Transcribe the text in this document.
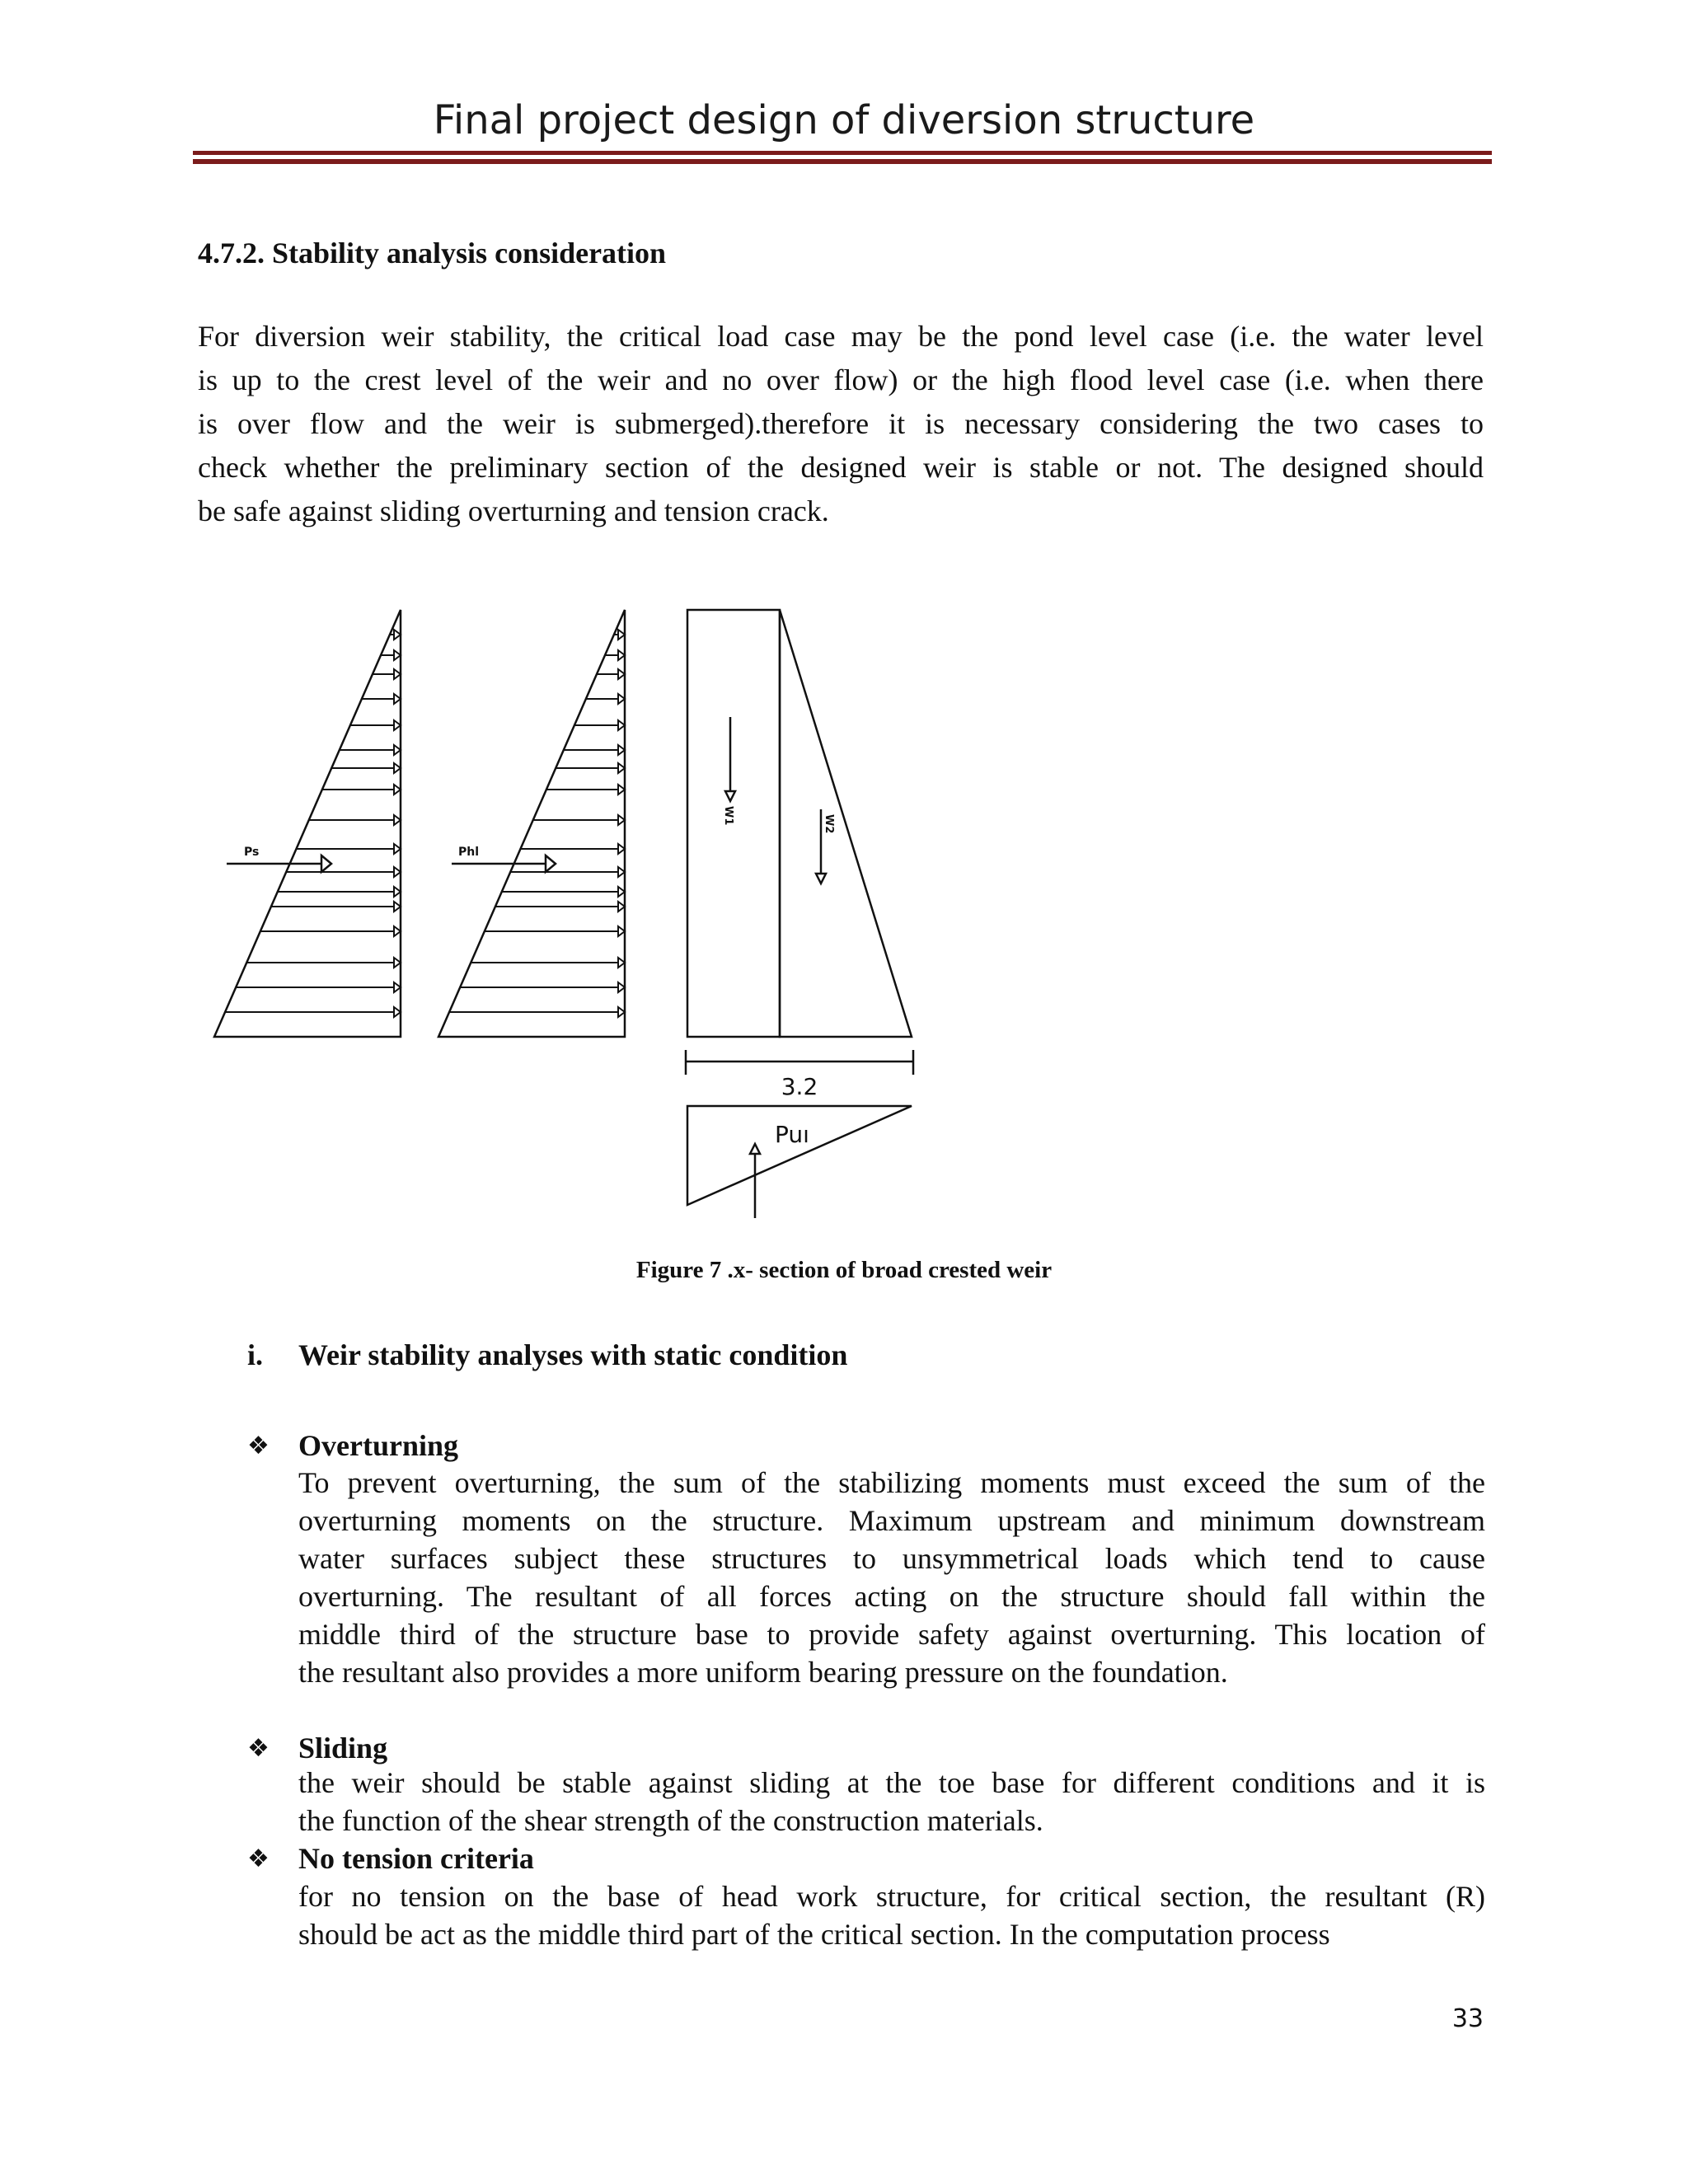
Final project design of diversion structure
4.7.2. Stability analysis consideration

For diversion weir stability, the critical load case may be the pond level case (i.e. the water level
is up to the crest level of the weir and no over flow) or the high flood level case (i.e. when there
is over flow and the weir is submerged).therefore it is necessary considering the two cases to
check whether the preliminary section of the designed weir is stable or not. The designed should
be safe against sliding overturning and tension crack.

Ps	Phl
W1	W2
3.2
Puı
Figure 7 .x- section of broad crested weir
i. Weir stability analyses with static condition
❖ Overturning

To prevent overturning, the sum of the stabilizing moments must exceed the sum of the
overturning moments on the structure. Maximum upstream and minimum downstream
water surfaces subject these structures to unsymmetrical loads which tend to cause
overturning. The resultant of all forces acting on the structure should fall within the
middle third of the structure base to provide safety against overturning. This location of
the resultant also provides a more uniform bearing pressure on the foundation.

❖ Sliding

the weir should be stable against sliding at the toe base for different conditions and it is
the function of the shear strength of the construction materials.

❖ No tension criteria

for no tension on the base of head work structure, for critical section, the resultant (R)
should be act as the middle third part of the critical section. In the computation process

33
